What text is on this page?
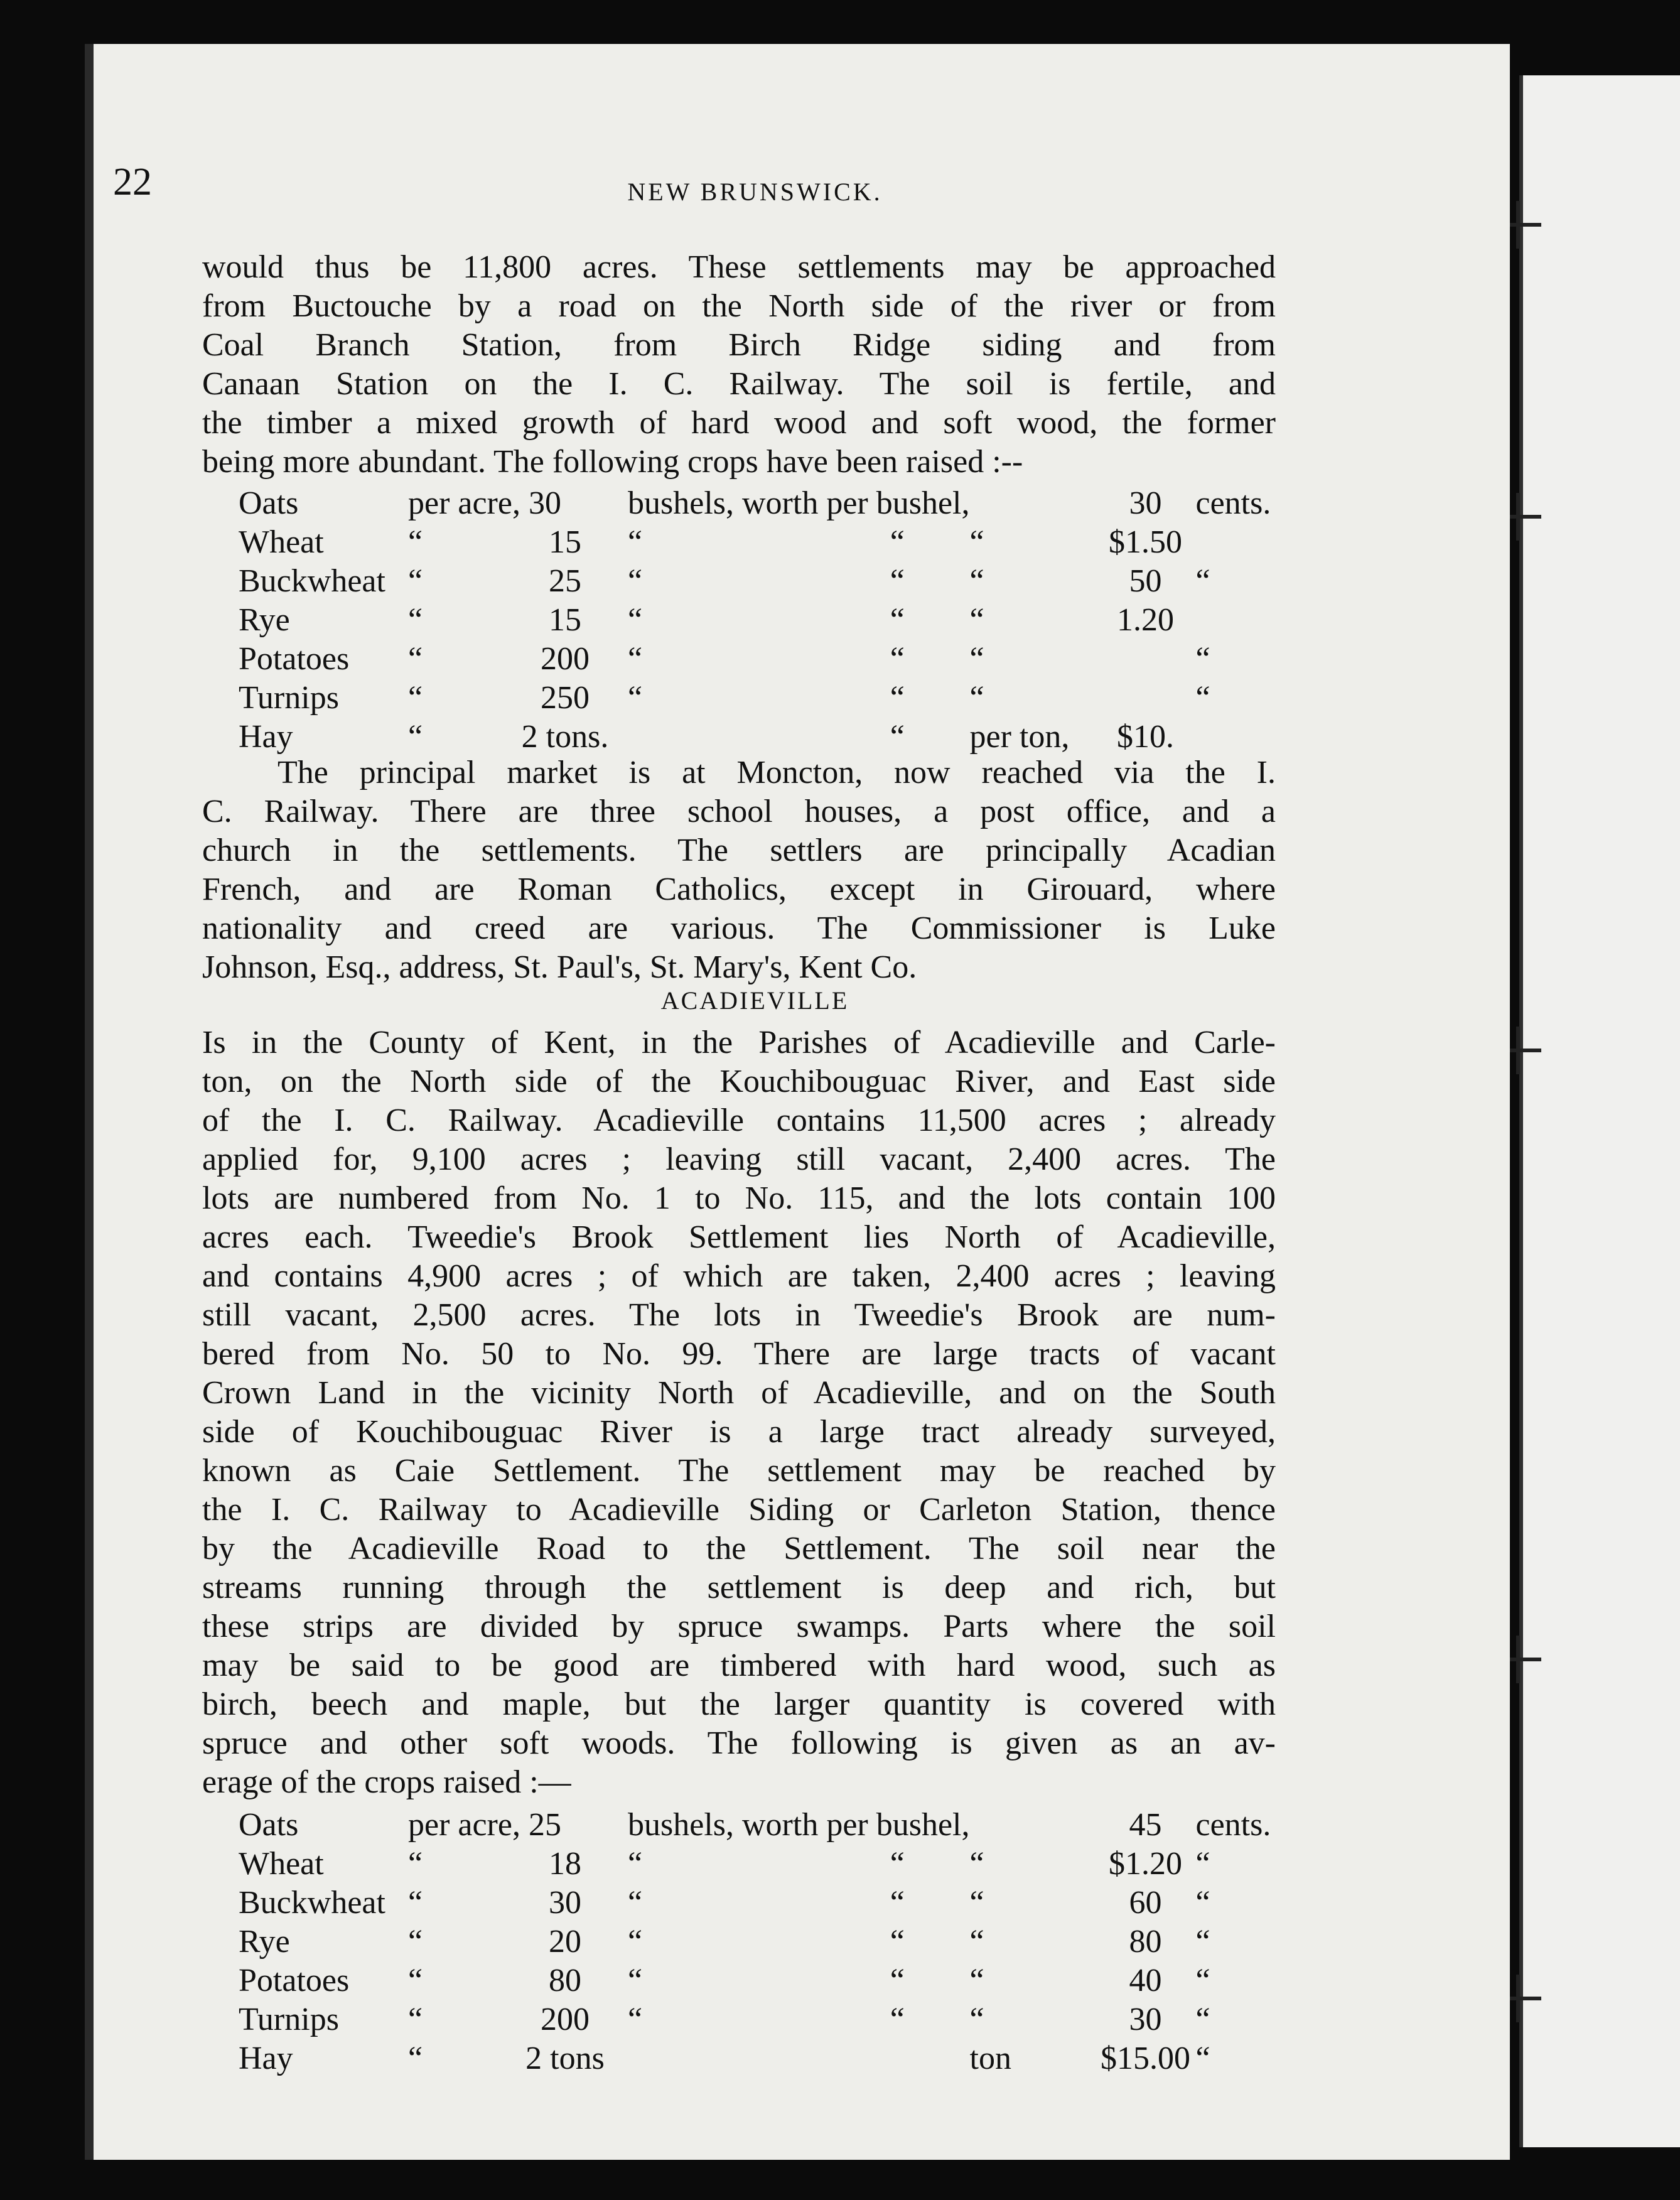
22	NEW BRUNSWICK.
would thus be 11,800 acres. These settlements may be approached
from Buctouche by a road on the North side of the river or from
Coal Branch Station, from Birch Ridge siding and from
Canaan Station on the I. C. Railway. The soil is fertile, and
the timber a mixed growth of hard wood and soft wood, the former
being more abundant. The following crops have been raised :--
Oats	per acre, 30		bushels, worth per bushel,			30	cents.
Wheat	“	15	“	“	“	$1.50	
Buckwheat	“	25	“	“	“	50	“
Rye	“	15	“	“	“	1.20	
Potatoes	“	200	“	“	“		“
Turnips	“	250	“	“	“		“
Hay	“	2 tons.		“	per ton,	$10.	
The principal market is at Moncton, now reached via the I.
C. Railway. There are three school houses, a post office, and a
church in the settlements. The settlers are principally Acadian
French, and are Roman Catholics, except in Girouard, where
nationality and creed are various. The Commissioner is Luke
Johnson, Esq., address, St. Paul's, St. Mary's, Kent Co.
ACADIEVILLE
Is in the County of Kent, in the Parishes of Acadieville and Carle-
ton, on the North side of the Kouchibouguac River, and East side
of the I. C. Railway. Acadieville contains 11,500 acres ; already
applied for, 9,100 acres ; leaving still vacant, 2,400 acres. The
lots are numbered from No. 1 to No. 115, and the lots contain 100
acres each. Tweedie's Brook Settlement lies North of Acadieville,
and contains 4,900 acres ; of which are taken, 2,400 acres ; leaving
still vacant, 2,500 acres. The lots in Tweedie's Brook are num-
bered from No. 50 to No. 99. There are large tracts of vacant
Crown Land in the vicinity North of Acadieville, and on the South
side of Kouchibouguac River is a large tract already surveyed,
known as Caie Settlement. The settlement may be reached by
the I. C. Railway to Acadieville Siding or Carleton Station, thence
by the Acadieville Road to the Settlement. The soil near the
streams running through the settlement is deep and rich, but
these strips are divided by spruce swamps. Parts where the soil
may be said to be good are timbered with hard wood, such as
birch, beech and maple, but the larger quantity is covered with
spruce and other soft woods. The following is given as an av-
erage of the crops raised :—
Oats	per acre, 25		bushels, worth per bushel,			45	cents.
Wheat	“	18	“	“	“	$1.20	“
Buckwheat	“	30	“	“	“	60	“
Rye	“	20	“	“	“	80	“
Potatoes	“	80	“	“	“	40	“
Turnips	“	200	“	“	“	30	“
Hay	“	2 tons			ton	$15.00	“
